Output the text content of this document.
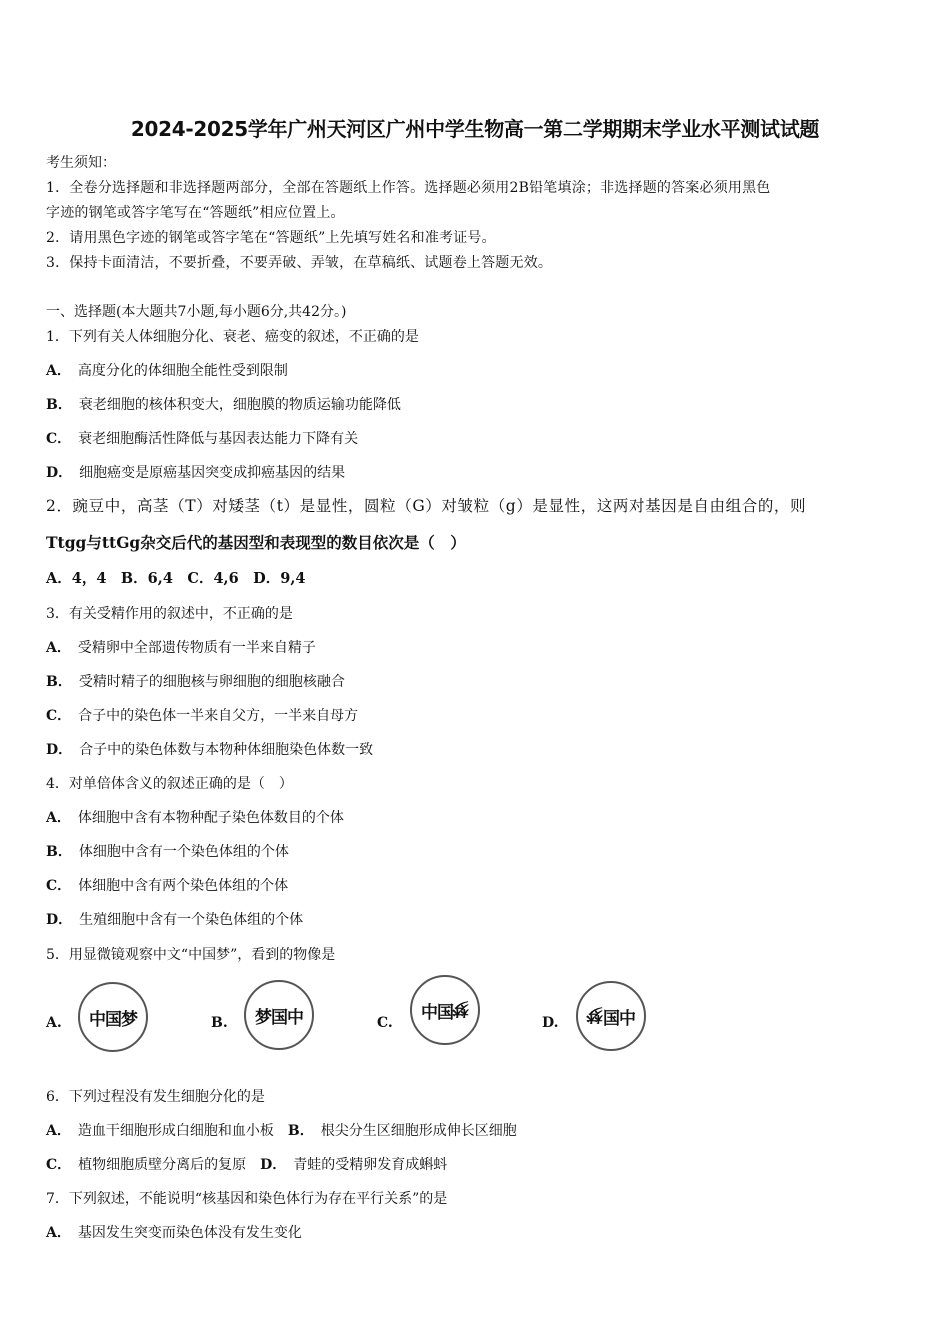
2024-2025学年广州天河区广州中学生物高一第二学期期末学业水平测试试题
考生须知：
1．全卷分选择题和非选择题两部分，全部在答题纸上作答。选择题必须用2B铅笔填涂；非选择题的答案必须用黑色
字迹的钢笔或答字笔写在“答题纸”相应位置上。
2．请用黑色字迹的钢笔或答字笔在“答题纸”上先填写姓名和准考证号。
3．保持卡面清洁，不要折叠，不要弄破、弄皱，在草稿纸、试题卷上答题无效。
一、选择题(本大题共7小题,每小题6分,共42分。)
1．下列有关人体细胞分化、衰老、癌变的叙述，不正确的是
A． 高度分化的体细胞全能性受到限制
B． 衰老细胞的核体积变大，细胞膜的物质运输功能降低
C． 衰老细胞酶活性降低与基因表达能力下降有关
D． 细胞癌变是原癌基因突变成抑癌基因的结果
2．豌豆中，高茎（T）对矮茎（t）是显性，圆粒（G）对皱粒（g）是显性，这两对基因是自由组合的，则
Ttgg与ttGg杂交后代的基因型和表现型的数目依次是（　）
A．4，4　B．6,4　C．4,6　D．9,4
3．有关受精作用的叙述中，不正确的是
A． 受精卵中全部遗传物质有一半来自精子
B． 受精时精子的细胞核与卵细胞的细胞核融合
C． 合子中的染色体一半来自父方，一半来自母方
D． 合子中的染色体数与本物种体细胞染色体数一致
4．对单倍体含义的叙述正确的是（　）
A． 体细胞中含有本物种配子染色体数目的个体
B． 体细胞中含有一个染色体组的个体
C． 体细胞中含有两个染色体组的个体
D． 生殖细胞中含有一个染色体组的个体
5．用显微镜观察中文“中国梦”，看到的物像是
A. 中国梦	B. 梦国中	C.
中国梦
D. 梦国中
6．下列过程没有发生细胞分化的是
A． 造血干细胞形成白细胞和血小板 B． 根尖分生区细胞形成伸长区细胞
C． 植物细胞质壁分离后的复原 D． 青蛙的受精卵发育成蝌蚪
7．下列叙述，不能说明“核基因和染色体行为存在平行关系”的是
A． 基因发生突变而染色体没有发生变化
